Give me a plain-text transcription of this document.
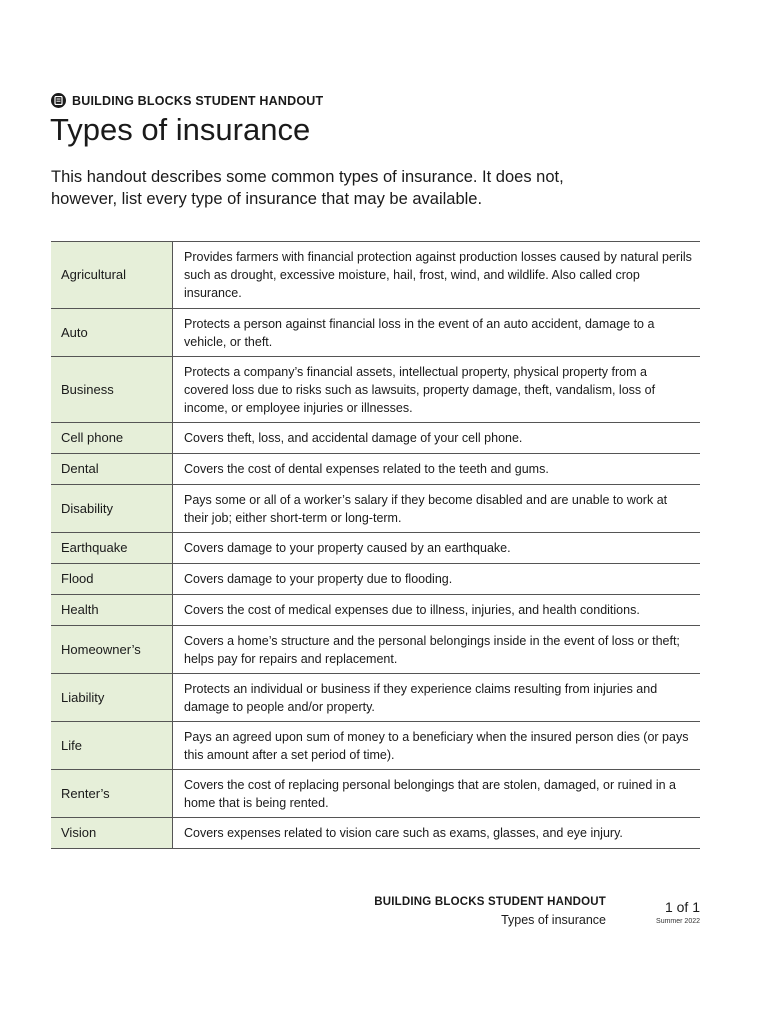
BUILDING BLOCKS STUDENT HANDOUT
Types of insurance

This handout describes some common types of insurance. It does not, however, list every type of insurance that may be available.

Agricultural	Provides farmers with financial protection against production losses caused by natural perils such as drought, excessive moisture, hail, frost, wind, and wildlife. Also called crop insurance.
Auto	Protects a person against financial loss in the event of an auto accident, damage to a vehicle, or theft.
Business	Protects a company’s financial assets, intellectual property, physical property from a covered loss due to risks such as lawsuits, property damage, theft, vandalism, loss of income, or employee injuries or illnesses.
Cell phone	Covers theft, loss, and accidental damage of your cell phone.
Dental	Covers the cost of dental expenses related to the teeth and gums.
Disability	Pays some or all of a worker’s salary if they become disabled and are unable to work at their job; either short-term or long-term.
Earthquake	Covers damage to your property caused by an earthquake.
Flood	Covers damage to your property due to flooding.
Health	Covers the cost of medical expenses due to illness, injuries, and health conditions.
Homeowner’s	Covers a home’s structure and the personal belongings inside in the event of loss or theft; helps pay for repairs and replacement.
Liability	Protects an individual or business if they experience claims resulting from injuries and damage to people and/or property.
Life	Pays an agreed upon sum of money to a beneficiary when the insured person dies (or pays this amount after a set period of time).
Renter’s	Covers the cost of replacing personal belongings that are stolen, damaged, or ruined in a home that is being rented.
Vision	Covers expenses related to vision care such as exams, glasses, and eye injury.
BUILDING BLOCKS STUDENT HANDOUT
Types of insurance
1 of 1
Summer 2022
